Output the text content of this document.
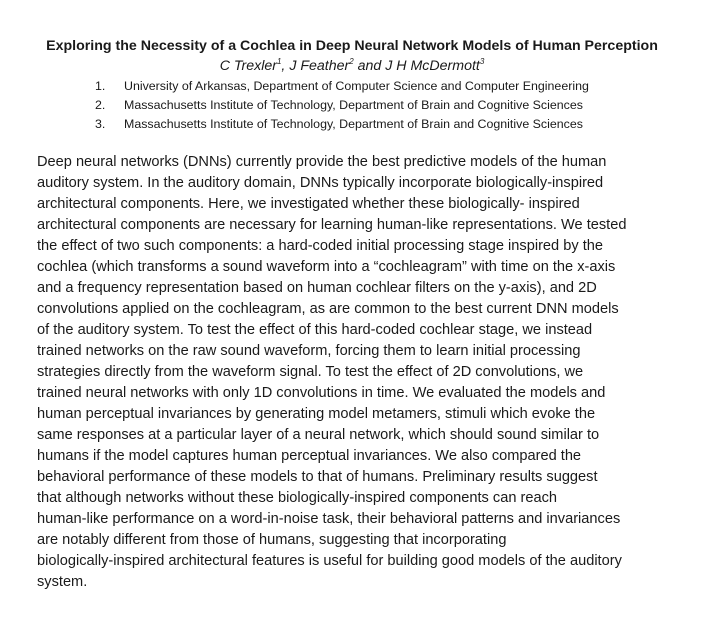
Exploring the Necessity of a Cochlea in Deep Neural Network Models of Human Perception
C Trexler$^1$, J Feather$^2$ and J H McDermott$^3$
1. University of Arkansas, Department of Computer Science and Computer Engineering
2. Massachusetts Institute of Technology, Department of Brain and Cognitive Sciences
3. Massachusetts Institute of Technology, Department of Brain and Cognitive Sciences

Deep neural networks (DNNs) currently provide the best predictive models of the human
auditory system. In the auditory domain, DNNs typically incorporate biologically-inspired
architectural components. Here, we investigated whether these biologically- inspired
architectural components are necessary for learning human-like representations. We tested
the effect of two such components: a hard-coded initial processing stage inspired by the
cochlea (which transforms a sound waveform into a “cochleagram” with time on the x-axis
and a frequency representation based on human cochlear filters on the y-axis), and 2D
convolutions applied on the cochleagram, as are common to the best current DNN models
of the auditory system. To test the effect of this hard-coded cochlear stage, we instead
trained networks on the raw sound waveform, forcing them to learn initial processing
strategies directly from the waveform signal. To test the effect of 2D convolutions, we
trained neural networks with only 1D convolutions in time. We evaluated the models and
human perceptual invariances by generating model metamers, stimuli which evoke the
same responses at a particular layer of a neural network, which should sound similar to
humans if the model captures human perceptual invariances. We also compared the
behavioral performance of these models to that of humans. Preliminary results suggest
that although networks without these biologically-inspired components can reach
human-like performance on a word-in-noise task, their behavioral patterns and invariances
are notably different from those of humans, suggesting that incorporating
biologically-inspired architectural features is useful for building good models of the auditory
system.
